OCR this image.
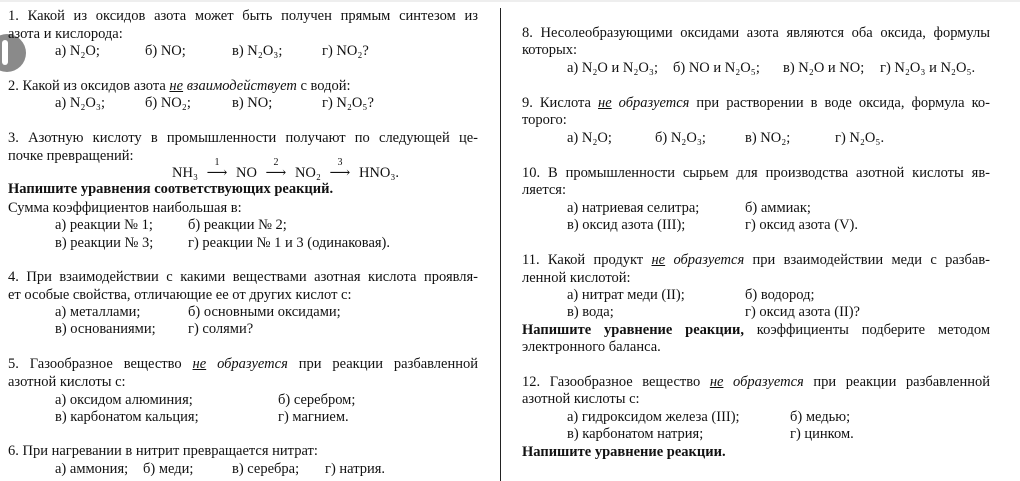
1. Какой из оксидов азота может быть получен прямым синтезом из
азота и кислорода:
а) N₂O;	б) NO;	в) N₂O₃;	г) NO₂?
2. Какой из оксидов азота не взаимодействует с водой:
а) N₂O₃;	б) NO₂;	в) NO;	г) N₂O₅?
3. Азотную кислоту в промышленности получают по следующей це-
почке превращений:
NH₃
1
⟶ NO
2
⟶ NO₂
3
⟶ HNO₃.
Напишите уравнения соответствующих реакций.
Сумма коэффициентов наибольшая в:
а) реакции № 1; б) реакции № 2;
в) реакции № 3; г) реакции № 1 и 3 (одинаковая).
4. При взаимодействии с какими веществами азотная кислота проявля-
ет особые свойства, отличающие ее от других кислот с:
а) металлами;	б) основными оксидами;
в) основаниями; г) солями?
5. Газообразное вещество не образуется при реакции разбавленной
азотной кислоты с:
а) оксидом алюминия;	б) серебром;
в) карбонатом кальция;	г) магнием.
6. При нагревании в нитрит превращается нитрат:
а) аммония; б) меди;	в) серебра; г) натрия.
8. Несолеобразующими оксидами азота являются оба оксида, формулы
которых:
а) N₂O и N₂O₃; б) NO и N₂O₅; в) N₂O и NO; г) N₂O₃ и N₂O₅.
9. Кислота не образуется при растворении в воде оксида, формула ко-
торого:
а) N₂O;	б) N₂O₃;	в) NO₂;	г) N₂O₅.
10. В промышленности сырьем для производства азотной кислоты яв-
ляется:
а) натриевая селитра;	б) аммиак;
в) оксид азота (III);	г) оксид азота (V).
11. Какой продукт не образуется при взаимодействии меди с разбав-
ленной кислотой:
а) нитрат меди (II);	б) водород;
в) вода;	г) оксид азота (II)?
Напишите уравнение реакции, коэффициенты подберите методом
электронного баланса.
12. Газообразное вещество не образуется при реакции разбавленной
азотной кислоты с:
а) гидроксидом железа (III);	б) медью;
в) карбонатом натрия;	г) цинком.
Напишите уравнение реакции.
